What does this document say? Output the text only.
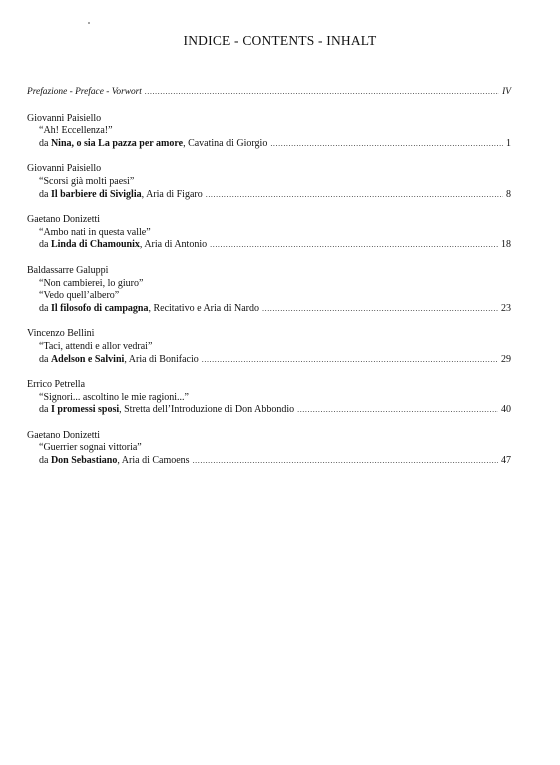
INDICE - CONTENTS - INHALT
Prefazione - Preface - Vorwort .....	IV
Giovanni Paisiello
“Ah! Eccellenza!”
da Nina, o sia La pazza per amore, Cavatina di Giorgio .....	1
Giovanni Paisiello
“Scorsi già molti paesi”
da Il barbiere di Siviglia, Aria di Figaro .....	8
Gaetano Donizetti
“Ambo nati in questa valle”
da Linda di Chamounix, Aria di Antonio .....	18
Baldassarre Galuppi
“Non cambierei, lo giuro”
“Vedo quell’albero”
da Il filosofo di campagna, Recitativo e Aria di Nardo .....	23
Vincenzo Bellini
“Taci, attendi e allor vedrai”
da Adelson e Salvini, Aria di Bonifacio .....	29
Errico Petrella
“Signori... ascoltino le mie ragioni...”
da I promessi sposi, Stretta dell’Introduzione di Don Abbondio .....	40
Gaetano Donizetti
“Guerrier sognai vittoria”
da Don Sebastiano, Aria di Camoens .....	47
